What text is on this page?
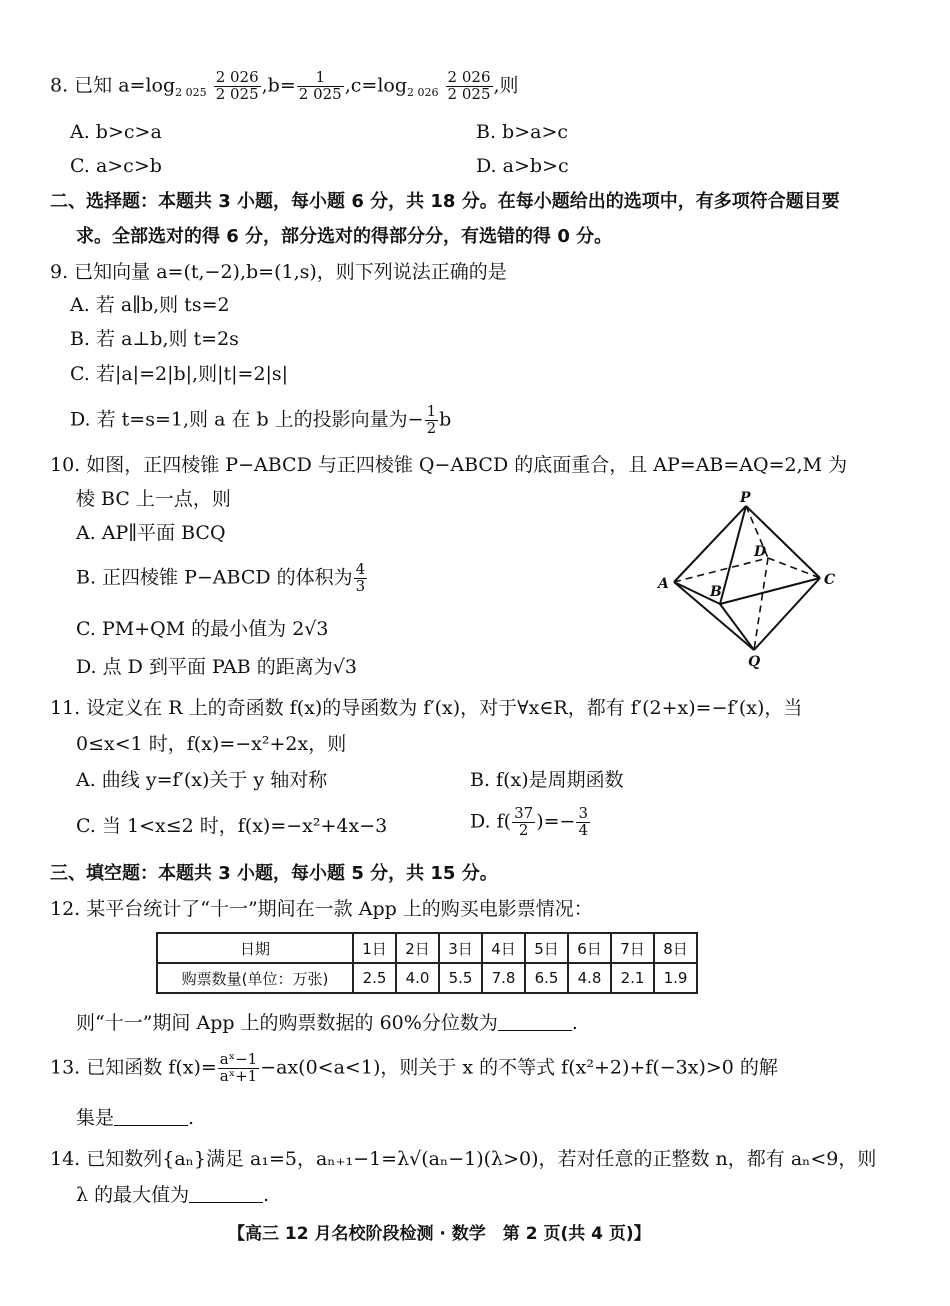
8. 已知 $a=\log_{2 025} \frac{2 026}{2 025} ,b= \frac{1}{2 025} ,c=\log_{2 026} \frac{2 026}{2 025}$ ,则
A. b>c>a	B. b>a>c
C. a>c>b	D. a>b>c
二、选择题：本题共 3 小题，每小题 6 分，共 18 分。在每小题给出的选项中，有多项符合题目要
求。全部选对的得 6 分，部分选对的得部分分，有选错的得 0 分。
9. 已知向量 a=(t,−2),b=(1,s)，则下列说法正确的是
A. 若 a∥b,则 ts=2
B. 若 a⊥b,则 t=2s
C. 若|a|=2|b|,则|t|=2|s|
D. 若 t=s=1,则 a 在 b 上的投影向量为− $\frac{1}{2}$ b
10. 如图，正四棱锥 P−ABCD 与正四棱锥 Q−ABCD 的底面重合，且 AP=AB=AQ=2,M 为
棱 BC 上一点，则
A. AP∥平面 BCQ
B. 正四棱锥 P−ABCD 的体积为 $\frac{4}{3}$
C. PM+QM 的最小值为 2√3
D. 点 D 到平面 PAB 的距离为√3
P
D
A	B
C
Q
11. 设定义在 R 上的奇函数 f(x)的导函数为 f′(x)，对于∀x∈R，都有 f′(2+x)=−f′(x)，当
0≤x<1 时，f(x)=−x²+2x，则
A. 曲线 y=f′(x)关于 y 轴对称	B. f(x)是周期函数
C. 当 1<x≤2 时，f(x)=−x²+4x−3	D. $f( \frac{37}{2}$ )=− $\frac{3}{4}$
三、填空题：本题共 3 小题，每小题 5 分，共 15 分。
12. 某平台统计了“十一”期间在一款 App 上的购买电影票情况：
日期	1日	2日	3日	4日	5日	6日	7日	8日
购票数量(单位：万张)	2.5	4.0	5.5	7.8	6.5	4.8	2.1	1.9
则“十一”期间 App 上的购票数据的 60%分位数为	.
13. 已知函数 $f(x)= \frac{\text{aˣ−1}}{\text{aˣ+1}} -ax(0<a<1)$，则关于 x 的不等式 f(x²+2)+f(−3x)>0 的解
集是	.
14. 已知数列{aₙ}满足 a₁=5，aₙ₊₁−1=λ√(aₙ−1)(λ>0)，若对任意的正整数 n，都有 aₙ<9，则
λ 的最大值为	.
【高三 12 月名校阶段检测 · 数学　第 2 页(共 4 页)】
